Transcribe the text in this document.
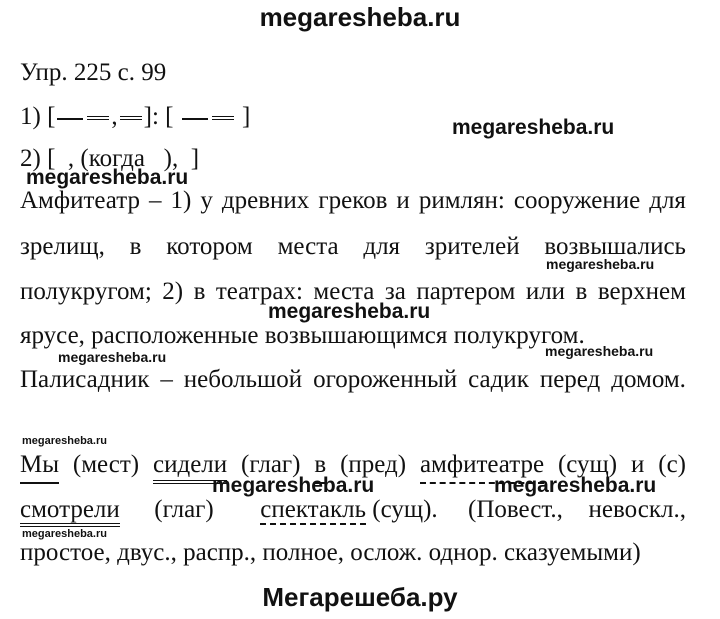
megaresheba.ru
Упр. 225 с. 99
1) [ , ]: [	]	megaresheba.ru
2) [  , (когда   ),  ]
megaresheba.ru
Амфитеатр – 1) у древних греков и римлян: сооружение для
зрелищ, в котором места для зрителей возвышались
megaresheba.ru
полукругом; 2) в театрах: места за партером или в верхнем
megaresheba.ru
ярусе, расположенные возвышающимся полукругом.
megaresheba.ru
megaresheba.ru
Палисадник – небольшой огороженный садик перед домом.
megaresheba.ru
Мы (мест) сидели (глаг) в (пред) амфитеатре (сущ) и (с)
megaresheba.ru	megaresheba.ru
смотрели (глаг) спектакль (сущ). (Повест., невоскл.,
megaresheba.ru
простое, двус., распр., полное, ослож. однор. сказуемыми)
Мегарешеба.ру
